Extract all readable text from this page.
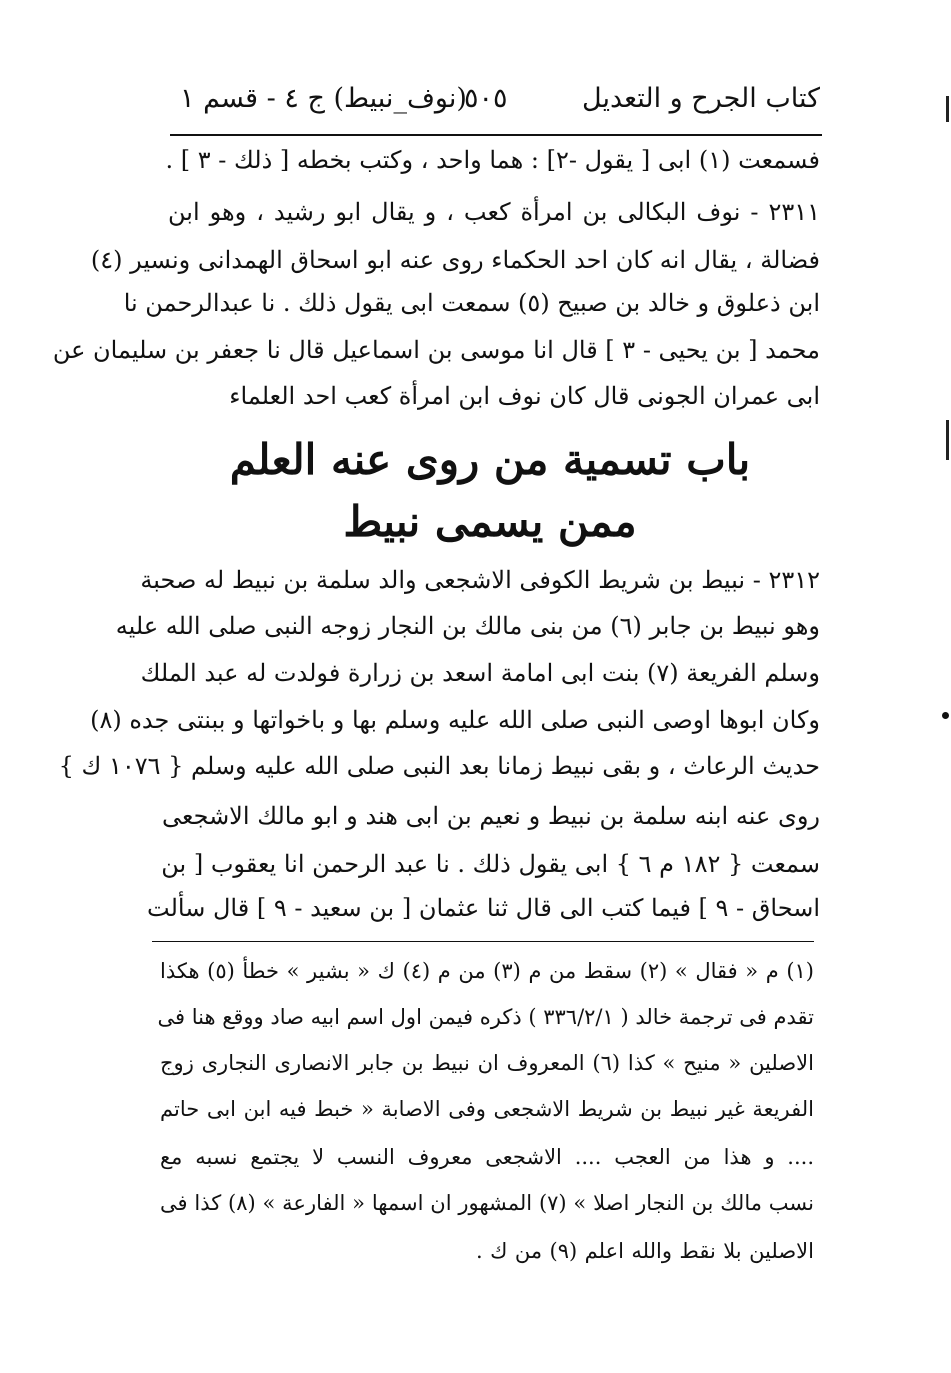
كتاب الجرح و التعديل
٥٠٥
(نوف_نبيط) ج ٤ - قسم ١
فسمعت (١) ابى [ يقول -٢] : هما واحد ، وكتب بخطه [ ذلك - ٣ ] .
٢٣١١ - نوف البكالى بن امرأة كعب ، و يقال ابو رشيد ، وهو ابن
فضالة ، يقال انه كان احد الحكماء روى عنه ابو اسحاق الهمدانى ونسير (٤)
ابن ذعلوق و خالد بن صبيح (٥) سمعت ابى يقول ذلك . نا عبدالرحمن نا
محمد [ بن يحيى - ٣ ] قال انا موسى بن اسماعيل قال نا جعفر بن سليمان عن
ابى عمران الجونى قال كان نوف ابن امرأة كعب احد العلماء
باب تسمية من روى عنه العلم
ممن يسمى نبيط
٢٣١٢ - نبيط بن شريط الكوفى الاشجعى والد سلمة بن نبيط له صحبة
وهو نبيط بن جابر (٦) من بنى مالك بن النجار زوجه النبى صلى الله عليه
وسلم الفريعة (٧) بنت ابى امامة اسعد بن زرارة فولدت له عبد الملك
وكان ابوها اوصى النبى صلى الله عليه وسلم بها و باخواتها و ببنتى جده (٨)
حديث الرعاث ، و بقى نبيط زمانا بعد النبى صلى الله عليه وسلم { ١٠٧٦ ك }
روى عنه ابنه سلمة بن نبيط و نعيم بن ابى هند و ابو مالك الاشجعى
سمعت { ١٨٢ م ٦ } ابى يقول ذلك . نا عبد الرحمن انا يعقوب [ بن
اسحاق - ٩ ] فيما كتب الى قال ثنا عثمان [ بن سعيد - ٩ ] قال سألت
(١) م « فقال » (٢) سقط من م (٣) من م (٤) ك « بشير » خطأ (٥) هكذا
تقدم فى ترجمة خالد ( ٣٣٦/٢/١ ) ذكره فيمن اول اسم ابيه صاد ووقع هنا فى
الاصلين « منيح » كذا (٦) المعروف ان نبيط بن جابر الانصارى النجارى زوج
الفريعة غير نبيط بن شريط الاشجعى وفى الاصابة « خبط فيه ابن ابى حاتم
.... و هذا من العجب .... الاشجعى معروف النسب لا يجتمع نسبه مع
نسب مالك بن النجار اصلا » (٧) المشهور ان اسمها « الفارعة » (٨) كذا فى
الاصلين بلا نقط والله اعلم (٩) من ك .
